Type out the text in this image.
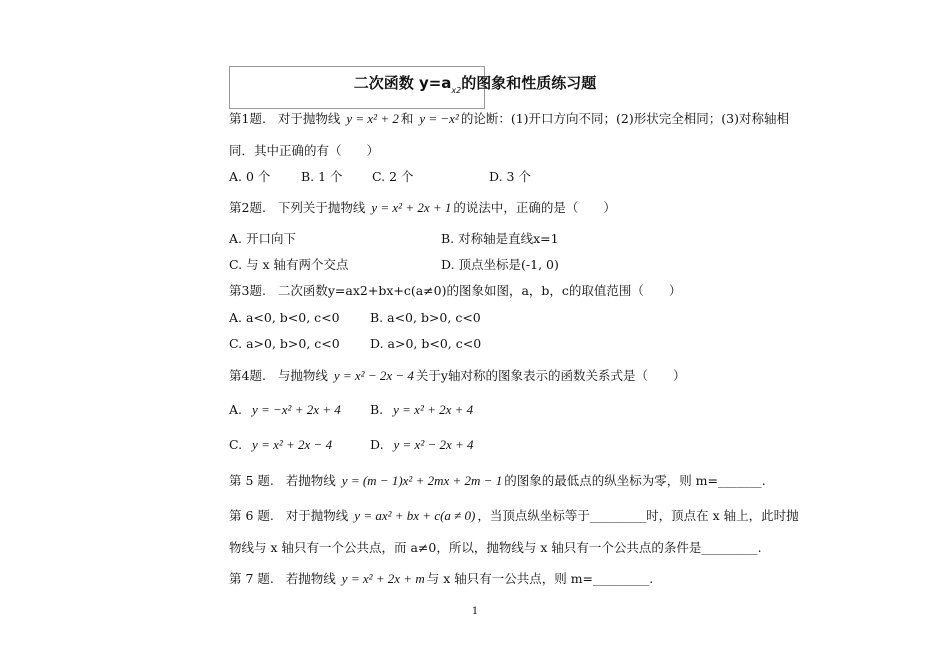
二次函数 $y=a_{x2}$的图象和性质练习题
第1题. 对于抛物线 y = x² + 2 和 y = −x² 的论断：(1)开口方向不同；(2)形状完全相同；(3)对称轴相
同．其中正确的有（　　）
A. 0 个 B. 1 个 C. 2 个	D. 3 个
第2题. 下列关于抛物线 y = x² + 2x + 1 的说法中，正确的是（　　）
A. 开口向下	B. 对称轴是直线x=1
C. 与 x 轴有两个交点	D. 顶点坐标是(-1, 0)
第3题. 二次函数y=ax2+bx+c(a≠0)的图象如图，a，b，c的取值范围（　　）
A. a<0, b<0, c<0 B. a<0, b>0, c<0
C. a>0, b>0, c<0 D. a>0, b<0, c<0
第4题. 与抛物线 y = x² − 2x − 4 关于y轴对称的图象表示的函数关系式是（　　）
A. y = −x² + 2x + 4 B. y = x² + 2x + 4
C. y = x² + 2x − 4	D. y = x² − 2x + 4
第 5 题. 若抛物线 y = (m − 1)x² + 2mx + 2m − 1 的图象的最低点的纵坐标为零，则 m=_______.
第 6 题. 对于抛物线 y = ax² + bx + c(a ≠ 0) ，当顶点纵坐标等于_________时，顶点在 x 轴上，此时抛
物线与 x 轴只有一个公共点，而 a≠0，所以，抛物线与 x 轴只有一个公共点的条件是_________.
第 7 题. 若抛物线 y = x² + 2x + m 与 x 轴只有一公共点，则 m=_________.
1
